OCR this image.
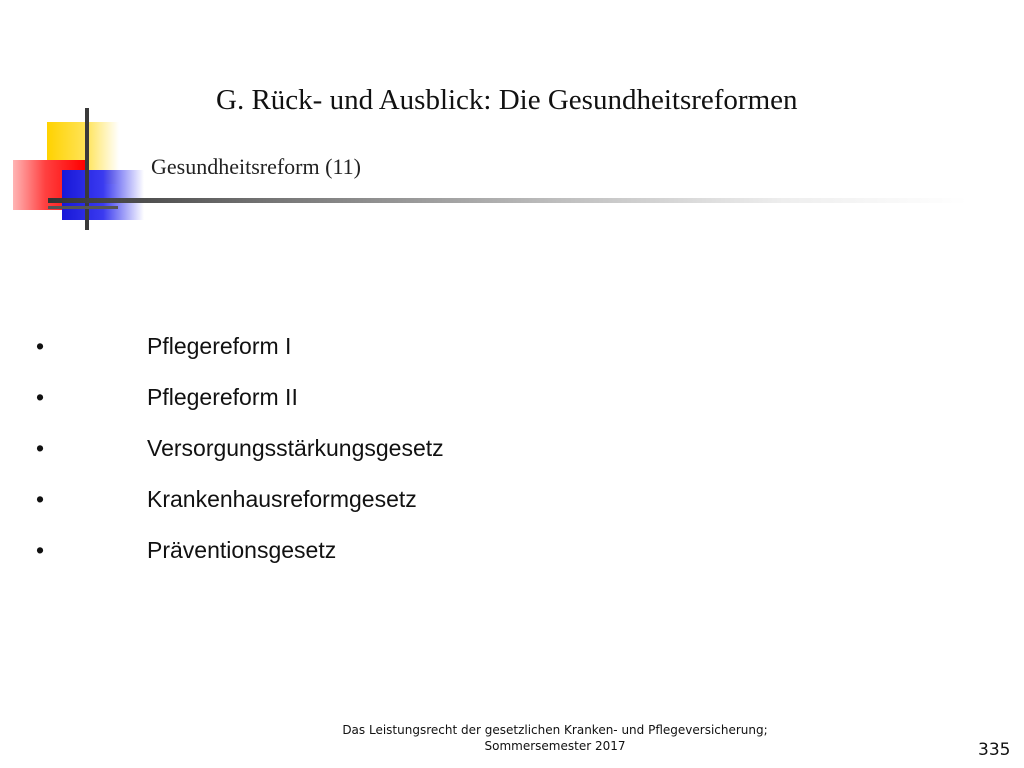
G. Rück- und Ausblick: Die Gesundheitsreformen
Gesundheitsreform (11)
•	Pflegereform I
•	Pflegereform II
•	Versorgungsstärkungsgesetz
•	Krankenhausreformgesetz
•	Präventionsgesetz
Das Leistungsrecht der gesetzlichen Kranken- und Pflegeversicherung;
Sommersemester 2017	335
